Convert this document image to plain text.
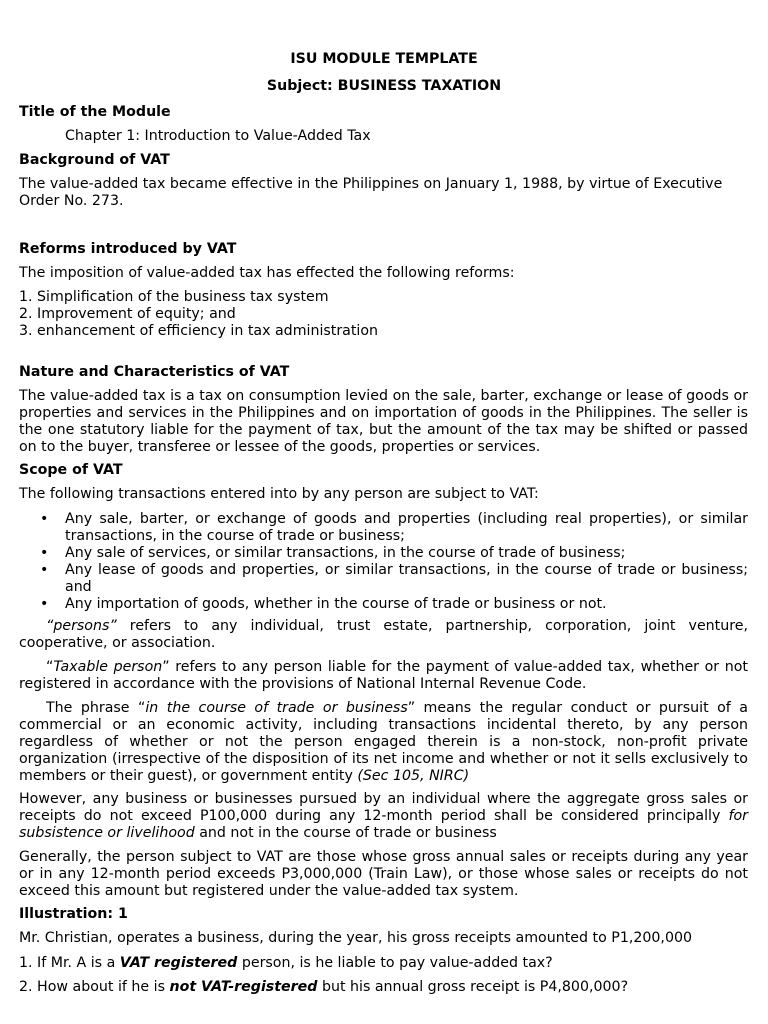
ISU MODULE TEMPLATE

Subject: BUSINESS TAXATION

Title of the Module

Chapter 1: Introduction to Value-Added Tax

Background of VAT

The value-added tax became effective in the Philippines on January 1, 1988, by virtue of Executive Order No. 273.

Reforms introduced by VAT

The imposition of value-added tax has effected the following reforms:

1. Simplification of the business tax system
2. Improvement of equity; and
3. enhancement of efficiency in tax administration

Nature and Characteristics of VAT

The value-added tax is a tax on consumption levied on the sale, barter, exchange or lease of goods or properties and services in the Philippines and on importation of goods in the Philippines. The seller is the one statutory liable for the payment of tax, but the amount of the tax may be shifted or passed on to the buyer, transferee or lessee of the goods, properties or services.

Scope of VAT

The following transactions entered into by any person are subject to VAT:

• Any sale, barter, or exchange of goods and properties (including real properties), or similar transactions, in the course of trade or business;
• Any sale of services, or similar transactions, in the course of trade of business;
• Any lease of goods and properties, or similar transactions, in the course of trade or business; and
• Any importation of goods, whether in the course of trade or business or not.

“persons” refers to any individual, trust estate, partnership, corporation, joint venture, cooperative, or association.

“Taxable person” refers to any person liable for the payment of value-added tax, whether or not registered in accordance with the provisions of National Internal Revenue Code.

The phrase “in the course of trade or business” means the regular conduct or pursuit of a commercial or an economic activity, including transactions incidental thereto, by any person regardless of whether or not the person engaged therein is a non-stock, non-profit private organization (irrespective of the disposition of its net income and whether or not it sells exclusively to members or their guest), or government entity (Sec 105, NIRC)

However, any business or businesses pursued by an individual where the aggregate gross sales or receipts do not exceed P100,000 during any 12-month period shall be considered principally for subsistence or livelihood and not in the course of trade or business

Generally, the person subject to VAT are those whose gross annual sales or receipts during any year or in any 12-month period exceeds P3,000,000 (Train Law), or those whose sales or receipts do not exceed this amount but registered under the value-added tax system.

Illustration: 1

Mr. Christian, operates a business, during the year, his gross receipts amounted to P1,200,000

1. If Mr. A is a VAT registered person, is he liable to pay value-added tax?

2. How about if he is not VAT-registered but his annual gross receipt is P4,800,000?
